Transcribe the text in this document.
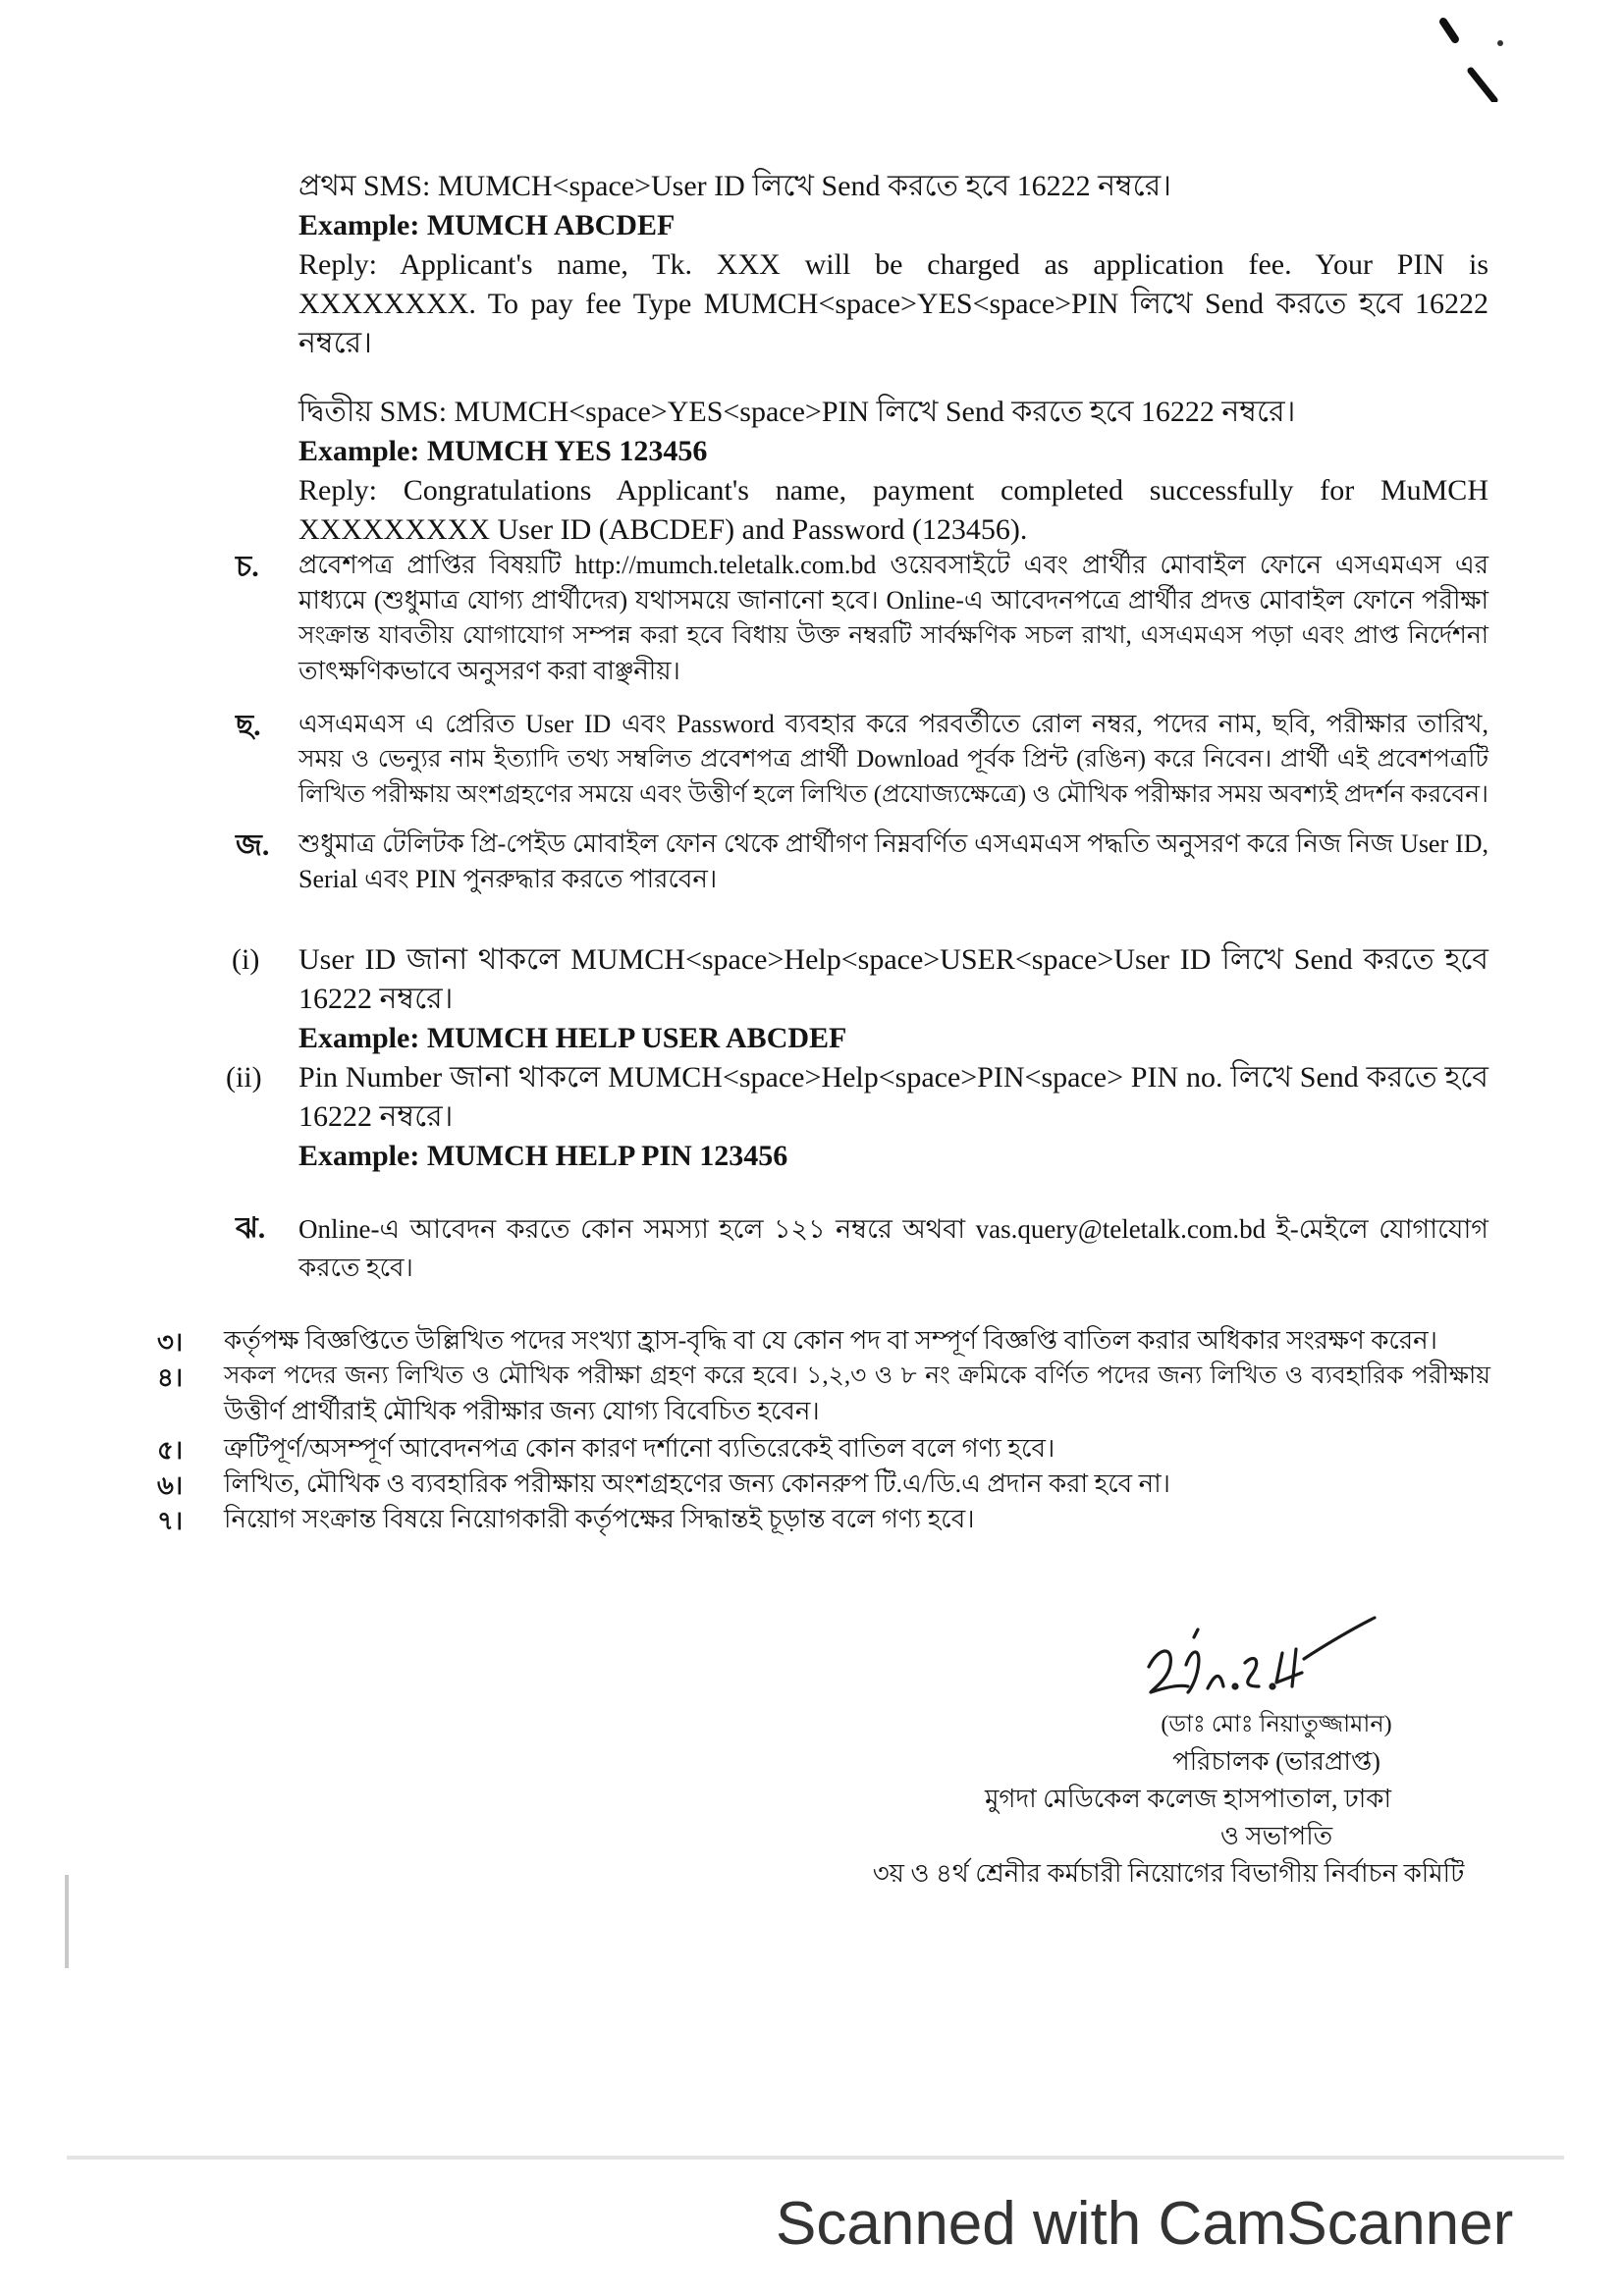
প্রথম SMS: MUMCH<space>User ID লিখে Send করতে হবে 16222 নম্বরে।
Example: MUMCH ABCDEF
Reply: Applicant's name, Tk. XXX will be charged as application fee. Your PIN is
XXXXXXXX. To pay fee Type MUMCH<space>YES<space>PIN লিখে Send করতে হবে 16222
নম্বরে।
দ্বিতীয় SMS: MUMCH<space>YES<space>PIN লিখে Send করতে হবে 16222 নম্বরে।
Example: MUMCH YES 123456
Reply: Congratulations Applicant's name, payment completed successfully for MuMCH
XXXXXXXXX User ID (ABCDEF) and Password (123456).
চ. প্রবেশপত্র প্রাপ্তির বিষয়টি http://mumch.teletalk.com.bd ওয়েবসাইটে এবং প্রার্থীর মোবাইল ফোনে এসএমএস এর
মাধ্যমে (শুধুমাত্র যোগ্য প্রার্থীদের) যথাসময়ে জানানো হবে। Online-এ আবেদনপত্রে প্রার্থীর প্রদত্ত মোবাইল ফোনে পরীক্ষা
সংক্রান্ত যাবতীয় যোগাযোগ সম্পন্ন করা হবে বিধায় উক্ত নম্বরটি সার্বক্ষণিক সচল রাখা, এসএমএস পড়া এবং প্রাপ্ত নির্দেশনা
তাৎক্ষণিকভাবে অনুসরণ করা বাঞ্ছনীয়।
ছ. এসএমএস এ প্রেরিত User ID এবং Password ব্যবহার করে পরবর্তীতে রোল নম্বর, পদের নাম, ছবি, পরীক্ষার তারিখ,
সময় ও ভেন্যুর নাম ইত্যাদি তথ্য সম্বলিত প্রবেশপত্র প্রার্থী Download পূর্বক প্রিন্ট (রঙিন) করে নিবেন। প্রার্থী এই প্রবেশপত্রটি
লিখিত পরীক্ষায় অংশগ্রহণের সময়ে এবং উত্তীর্ণ হলে লিখিত (প্রযোজ্যক্ষেত্রে) ও মৌখিক পরীক্ষার সময় অবশ্যই প্রদর্শন করবেন।
জ. শুধুমাত্র টেলিটক প্রি-পেইড মোবাইল ফোন থেকে প্রার্থীগণ নিম্নবর্ণিত এসএমএস পদ্ধতি অনুসরণ করে নিজ নিজ User ID,
Serial এবং PIN পুনরুদ্ধার করতে পারবেন।
(i) User ID জানা থাকলে MUMCH<space>Help<space>USER<space>User ID লিখে Send করতে হবে
16222 নম্বরে।
Example: MUMCH HELP USER ABCDEF
(ii) Pin Number জানা থাকলে MUMCH<space>Help<space>PIN<space> PIN no. লিখে Send করতে হবে
16222 নম্বরে।
Example: MUMCH HELP PIN 123456
ঝ. Online-এ আবেদন করতে কোন সমস্যা হলে ১২১ নম্বরে অথবা vas.query@teletalk.com.bd ই-মেইলে যোগাযোগ
করতে হবে।
৩। কর্তৃপক্ষ বিজ্ঞপ্তিতে উল্লিখিত পদের সংখ্যা হ্রাস-বৃদ্ধি বা যে কোন পদ বা সম্পূর্ণ বিজ্ঞপ্তি বাতিল করার অধিকার সংরক্ষণ করেন।
৪। সকল পদের জন্য লিখিত ও মৌখিক পরীক্ষা গ্রহণ করে হবে। ১,২,৩ ও ৮ নং ক্রমিকে বর্ণিত পদের জন্য লিখিত ও ব্যবহারিক পরীক্ষায়
উত্তীর্ণ প্রার্থীরাই মৌখিক পরীক্ষার জন্য যোগ্য বিবেচিত হবেন।
৫। ত্রুটিপূর্ণ/অসম্পূর্ণ আবেদনপত্র কোন কারণ দর্শানো ব্যতিরেকেই বাতিল বলে গণ্য হবে।
৬। লিখিত, মৌখিক ও ব্যবহারিক পরীক্ষায় অংশগ্রহণের জন্য কোনরুপ টি.এ/ডি.এ প্রদান করা হবে না।
৭। নিয়োগ সংক্রান্ত বিষয়ে নিয়োগকারী কর্তৃপক্ষের সিদ্ধান্তই চূড়ান্ত বলে গণ্য হবে।
(ডাঃ মোঃ নিয়াতুজ্জামান)
পরিচালক (ভারপ্রাপ্ত)
মুগদা মেডিকেল কলেজ হাসপাতাল, ঢাকা
ও সভাপতি
৩য় ও ৪র্থ শ্রেনীর কর্মচারী নিয়োগের বিভাগীয় নির্বাচন কমিটি
Scanned with CamScanner
